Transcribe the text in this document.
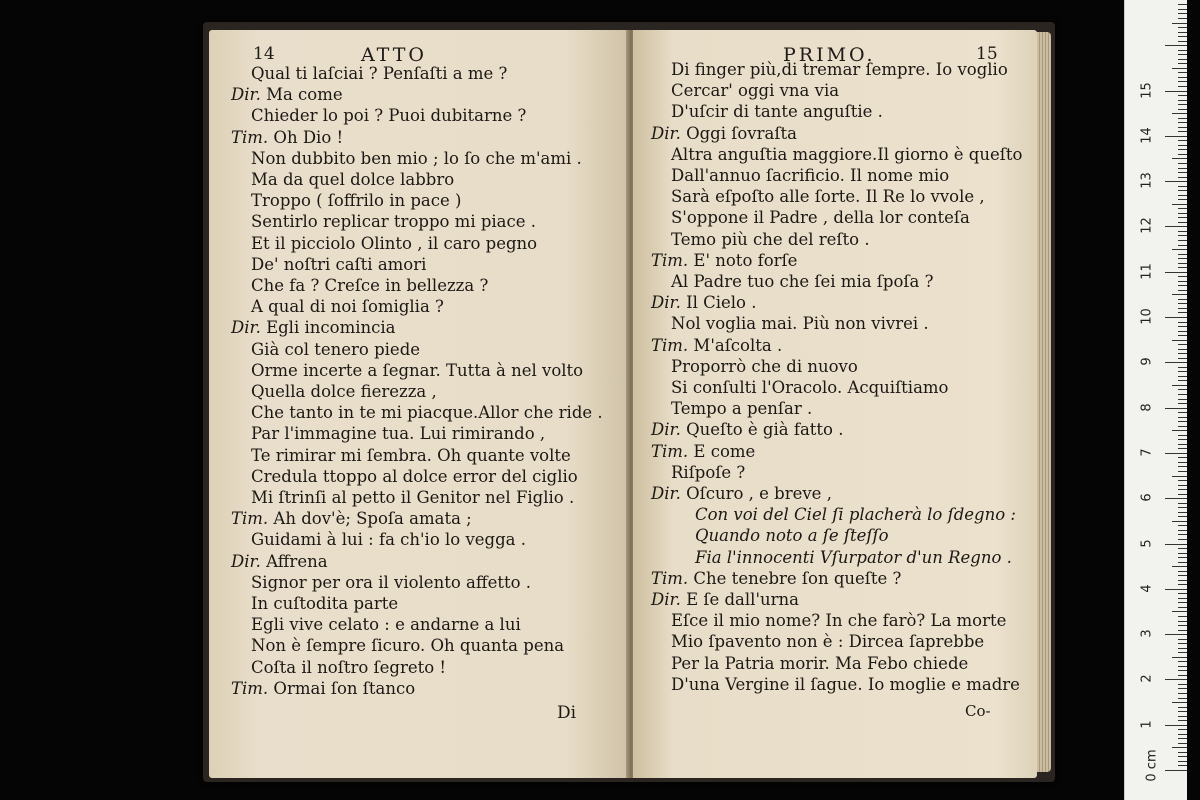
14	ATTO
Di
Qual ti laſciai ? Penſaſti a me ?
Dir. Ma come
Chieder lo poi ? Puoi dubitarne ?
Tim. Oh Dio !
Non dubbito ben mio ; lo ſo che m'ami .
Ma da quel dolce labbro
Troppo ( ſoffrilo in pace )
Sentirlo replicar troppo mi piace .
Et il picciolo Olinto , il caro pegno
De' noſtri caſti amori
Che fa ? Creſce in bellezza ?
A qual di noi ſomiglia ?
Dir. Egli incomincia
Già col tenero piede
Orme incerte a ſegnar. Tutta à nel volto
Quella dolce fierezza ,
Che tanto in te mi piacque.Allor che ride .
Par l'immagine tua. Lui rimirando ,
Te rimirar mi ſembra. Oh quante volte
Credula ttoppo al dolce error del ciglio
Mi ſtrinſi al petto il Genitor nel Figlio .
Tim. Ah dov'è; Spoſa amata ;
Guidami à lui : fa ch'io lo vegga .
Dir. Affrena
Signor per ora il violento affetto .
In cuſtodita parte
Egli vive celato : e andarne a lui
Non è ſempre ſicuro. Oh quanta pena
Coſta il noſtro ſegreto !
Tim. Ormai ſon ſtanco
PRIMO.	15
Co-
Di finger più,di tremar ſempre. Io voglio
Cercar' oggi vna via
D'uſcir di tante anguſtie .
Dir. Oggi ſovraſta
Altra anguſtia maggiore.Il giorno è queſto
Dall'annuo ſacrificio. Il nome mio
Sarà eſpoſto alle ſorte. Il Re lo vvole ,
S'oppone il Padre , della lor conteſa
Temo più che del reſto .
Tim. E' noto forſe
Al Padre tuo che ſei mia ſpoſa ?
Dir. Il Cielo .
Nol voglia mai. Più non vivrei .
Tim. M'aſcolta .
Proporrò che di nuovo
Si conſulti l'Oracolo. Acquiſtiamo
Tempo a penſar .
Dir. Queſto è già fatto .
Tim. E come
Riſpoſe ?
Dir. Oſcuro , e breve ,
Con voi del Ciel ſi placherà lo ſdegno :
Quando noto a ſe ſteſſo
Fia l'innocenti Vſurpator d'un Regno .
Tim. Che tenebre ſon queſte ?
Dir. E ſe dall'urna
Eſce il mio nome? In che farò? La morte
Mio ſpavento non è : Dircea ſaprebbe
Per la Patria morir. Ma Febo chiede
D'una Vergine il ſague. Io moglie e madre
0 cm
1
2
3
4
5
6
7
8
9
10
11
12
13
14
15
